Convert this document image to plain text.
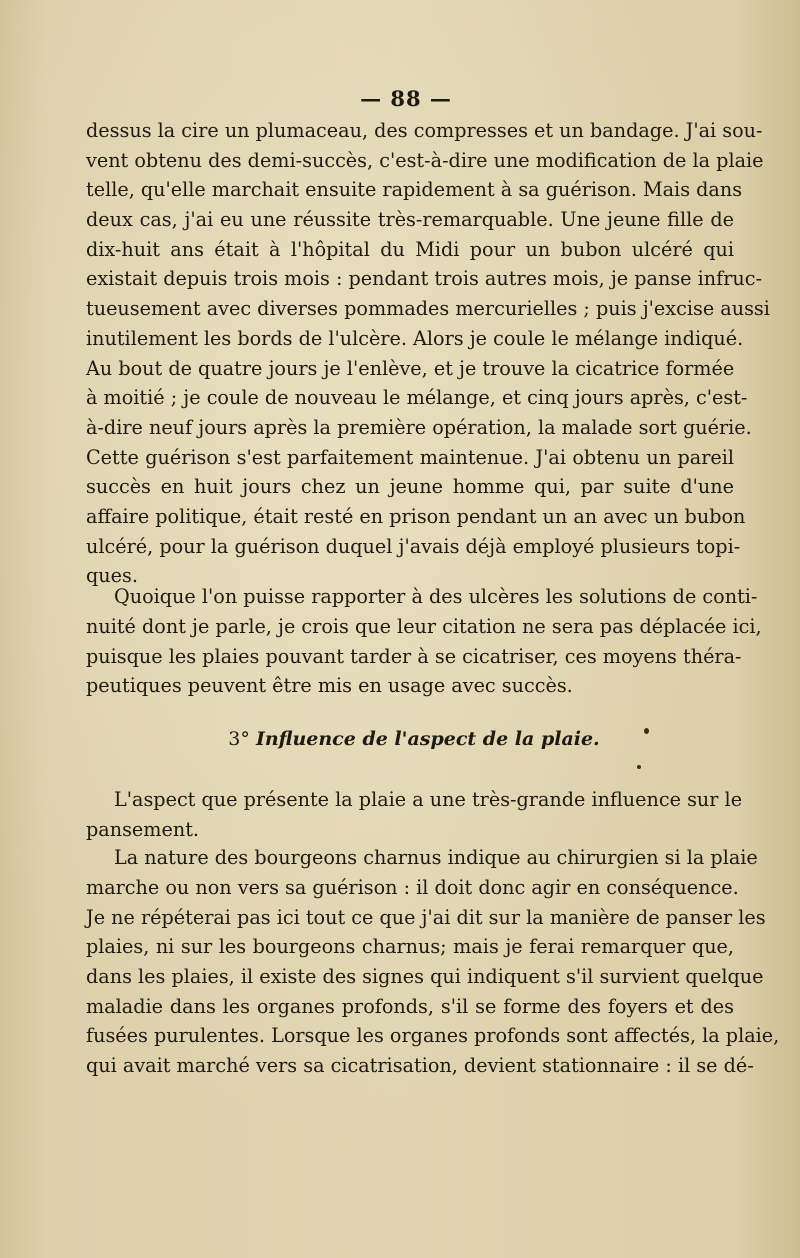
— 88 —
dessus la cire un plumaceau, des compresses et un bandage. J'ai sou-
vent obtenu des demi-succès, c'est-à-dire une modification de la plaie
telle, qu'elle marchait ensuite rapidement à sa guérison. Mais dans
deux cas, j'ai eu une réussite très-remarquable. Une jeune fille de
dix-huit ans était à l'hôpital du Midi pour un bubon ulcéré qui
existait depuis trois mois : pendant trois autres mois, je panse infruc-
tueusement avec diverses pommades mercurielles ; puis j'excise aussi
inutilement les bords de l'ulcère. Alors je coule le mélange indiqué.
Au bout de quatre jours je l'enlève, et je trouve la cicatrice formée
à moitié ; je coule de nouveau le mélange, et cinq jours après, c'est-
à-dire neuf jours après la première opération, la malade sort guérie.
Cette guérison s'est parfaitement maintenue. J'ai obtenu un pareil
succès en huit jours chez un jeune homme qui, par suite d'une
affaire politique, était resté en prison pendant un an avec un bubon
ulcéré, pour la guérison duquel j'avais déjà employé plusieurs topi-
ques.
Quoique l'on puisse rapporter à des ulcères les solutions de conti-
nuité dont je parle, je crois que leur citation ne sera pas déplacée ici,
puisque les plaies pouvant tarder à se cicatriser, ces moyens théra-
peutiques peuvent être mis en usage avec succès.
3° Influence de l'aspect de la plaie.
L'aspect que présente la plaie a une très-grande influence sur le
pansement.
La nature des bourgeons charnus indique au chirurgien si la plaie
marche ou non vers sa guérison : il doit donc agir en conséquence.
Je ne répéterai pas ici tout ce que j'ai dit sur la manière de panser les
plaies, ni sur les bourgeons charnus; mais je ferai remarquer que,
dans les plaies, il existe des signes qui indiquent s'il survient quelque
maladie dans les organes profonds, s'il se forme des foyers et des
fusées purulentes. Lorsque les organes profonds sont affectés, la plaie,
qui avait marché vers sa cicatrisation, devient stationnaire : il se dé-
